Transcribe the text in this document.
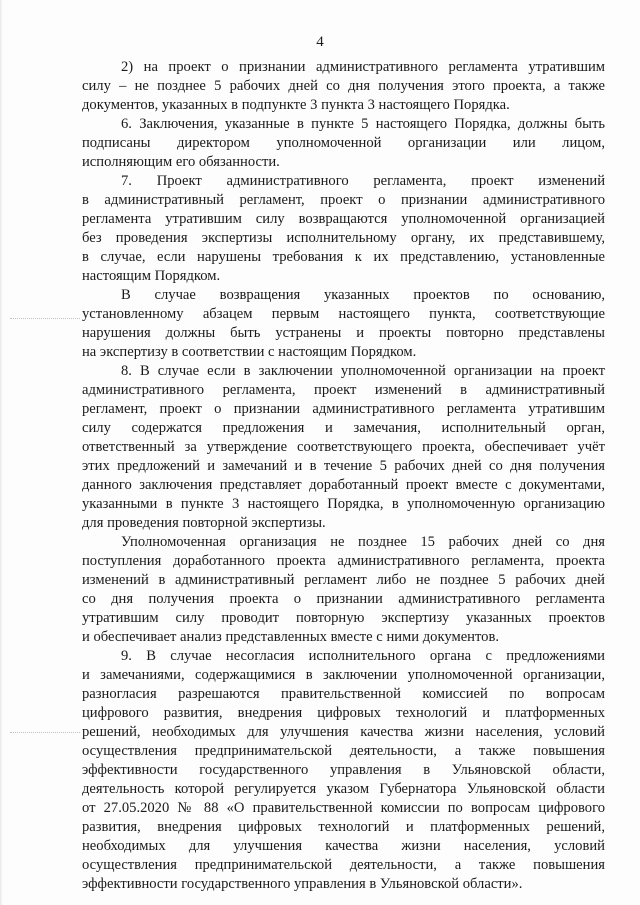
4
2) на проект о признании административного регламента утратившим
силу – не позднее 5 рабочих дней со дня получения этого проекта, а также
документов, указанных в подпункте 3 пункта 3 настоящего Порядка.
6. Заключения, указанные в пункте 5 настоящего Порядка, должны быть
подписаны директором уполномоченной организации или лицом,
исполняющим его обязанности.
7. Проект административного регламента, проект изменений
в административный регламент, проект о признании административного
регламента утратившим силу возвращаются уполномоченной организацией
без проведения экспертизы исполнительному органу, их представившему,
в случае, если нарушены требования к их представлению, установленные
настоящим Порядком.
В случае возвращения указанных проектов по основанию,
установленному абзацем первым настоящего пункта, соответствующие
нарушения должны быть устранены и проекты повторно представлены
на экспертизу в соответствии с настоящим Порядком.
8. В случае если в заключении уполномоченной организации на проект
административного регламента, проект изменений в административный
регламент, проект о признании административного регламента утратившим
силу содержатся предложения и замечания, исполнительный орган,
ответственный за утверждение соответствующего проекта, обеспечивает учёт
этих предложений и замечаний и в течение 5 рабочих дней со дня получения
данного заключения представляет доработанный проект вместе с документами,
указанными в пункте 3 настоящего Порядка, в уполномоченную организацию
для проведения повторной экспертизы.
Уполномоченная организация не позднее 15 рабочих дней со дня
поступления доработанного проекта административного регламента, проекта
изменений в административный регламент либо не позднее 5 рабочих дней
со дня получения проекта о признании административного регламента
утратившим силу проводит повторную экспертизу указанных проектов
и обеспечивает анализ представленных вместе с ними документов.
9. В случае несогласия исполнительного органа с предложениями
и замечаниями, содержащимися в заключении уполномоченной организации,
разногласия разрешаются правительственной комиссией по вопросам
цифрового развития, внедрения цифровых технологий и платформенных
решений, необходимых для улучшения качества жизни населения, условий
осуществления предпринимательской деятельности, а также повышения
эффективности государственного управления в Ульяновской области,
деятельность которой регулируется указом Губернатора Ульяновской области
от 27.05.2020 № 88 «О правительственной комиссии по вопросам цифрового
развития, внедрения цифровых технологий и платформенных решений,
необходимых для улучшения качества жизни населения, условий
осуществления предпринимательской деятельности, а также повышения
эффективности государственного управления в Ульяновской области».
